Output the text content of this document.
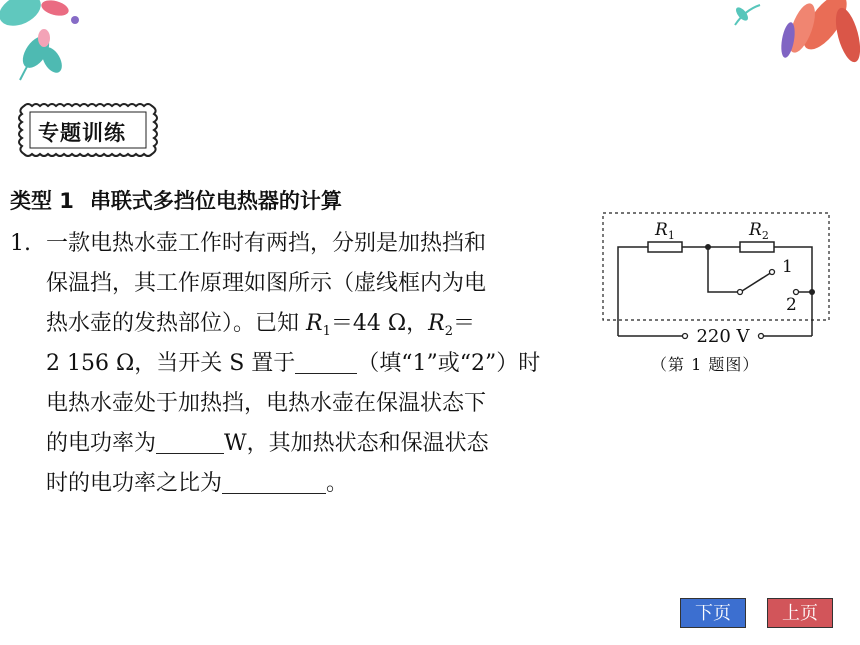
专题训练
类型 1 串联式多挡位电热器的计算
1. 一款电热水壶工作时有两挡，分别是加热挡和
保温挡，其工作原理如图所示（虚线框内为电
热水壶的发热部位）。已知 $R_1=44$ Ω，$R_2=$
2 156 Ω，当开关 S 置于	（填“1”或“2”）时
电热水壶处于加热挡，电热水壶在保温状态下
的电功率为	W，其加热状态和保温状态
时的电功率之比为	。
$R_1$	$R_2$
1
2
220 V
（第 1 题图）
下页	上页
